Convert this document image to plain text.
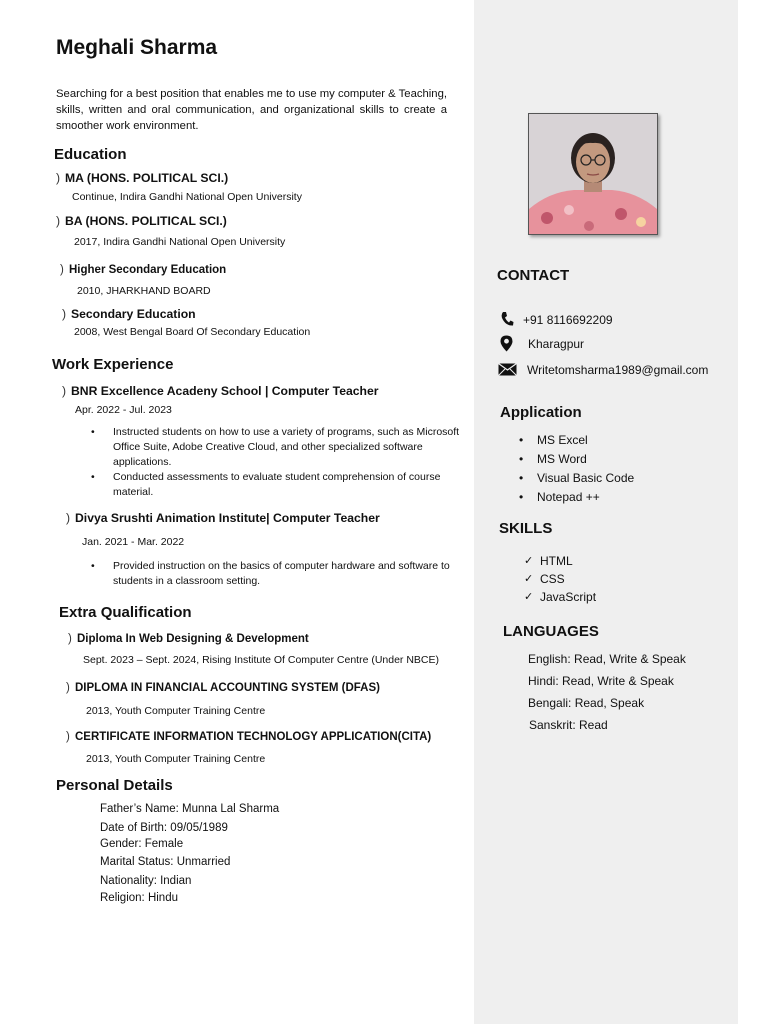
Meghali Sharma
Searching for a best position that enables me to use my computer & Teaching, skills, written and oral communication, and organizational skills to create a smoother work environment.
Education
) MA (HONS. POLITICAL SCI.)
Continue, Indira Gandhi National Open University
) BA (HONS. POLITICAL SCI.)
2017, Indira Gandhi National Open University
) Higher Secondary Education
2010, JHARKHAND BOARD
) Secondary Education
2008, West Bengal Board Of Secondary Education
Work Experience
) BNR Excellence Acadeny School | Computer Teacher
Apr. 2022 - Jul. 2023
• Instructed students on how to use a variety of programs, such as Microsoft Office Suite, Adobe Creative Cloud, and other specialized software applications.
• Conducted assessments to evaluate student comprehension of course material.
) Divya Srushti Animation Institute| Computer Teacher
Jan. 2021 - Mar. 2022
• Provided instruction on the basics of computer hardware and software to students in a classroom setting.
Extra Qualification
) Diploma In Web Designing & Development
Sept. 2023 – Sept. 2024, Rising Institute Of Computer Centre (Under NBCE)
) DIPLOMA IN FINANCIAL ACCOUNTING SYSTEM (DFAS)
2013, Youth Computer Training Centre
) CERTIFICATE INFORMATION TECHNOLOGY APPLICATION(CITA)
2013, Youth Computer Training Centre
Personal Details
Father’s Name: Munna Lal Sharma
Date of Birth: 09/05/1989
Gender: Female
Marital Status: Unmarried
Nationality: Indian
Religion: Hindu
CONTACT
+91 8116692209
Kharagpur
Writetomsharma1989@gmail.com
Application
• MS Excel
• MS Word
• Visual Basic Code
• Notepad ++
SKILLS
✓ HTML
✓ CSS
✓ JavaScript
LANGUAGES
English: Read, Write & Speak
Hindi: Read, Write & Speak
Bengali: Read, Speak
Sanskrit: Read
